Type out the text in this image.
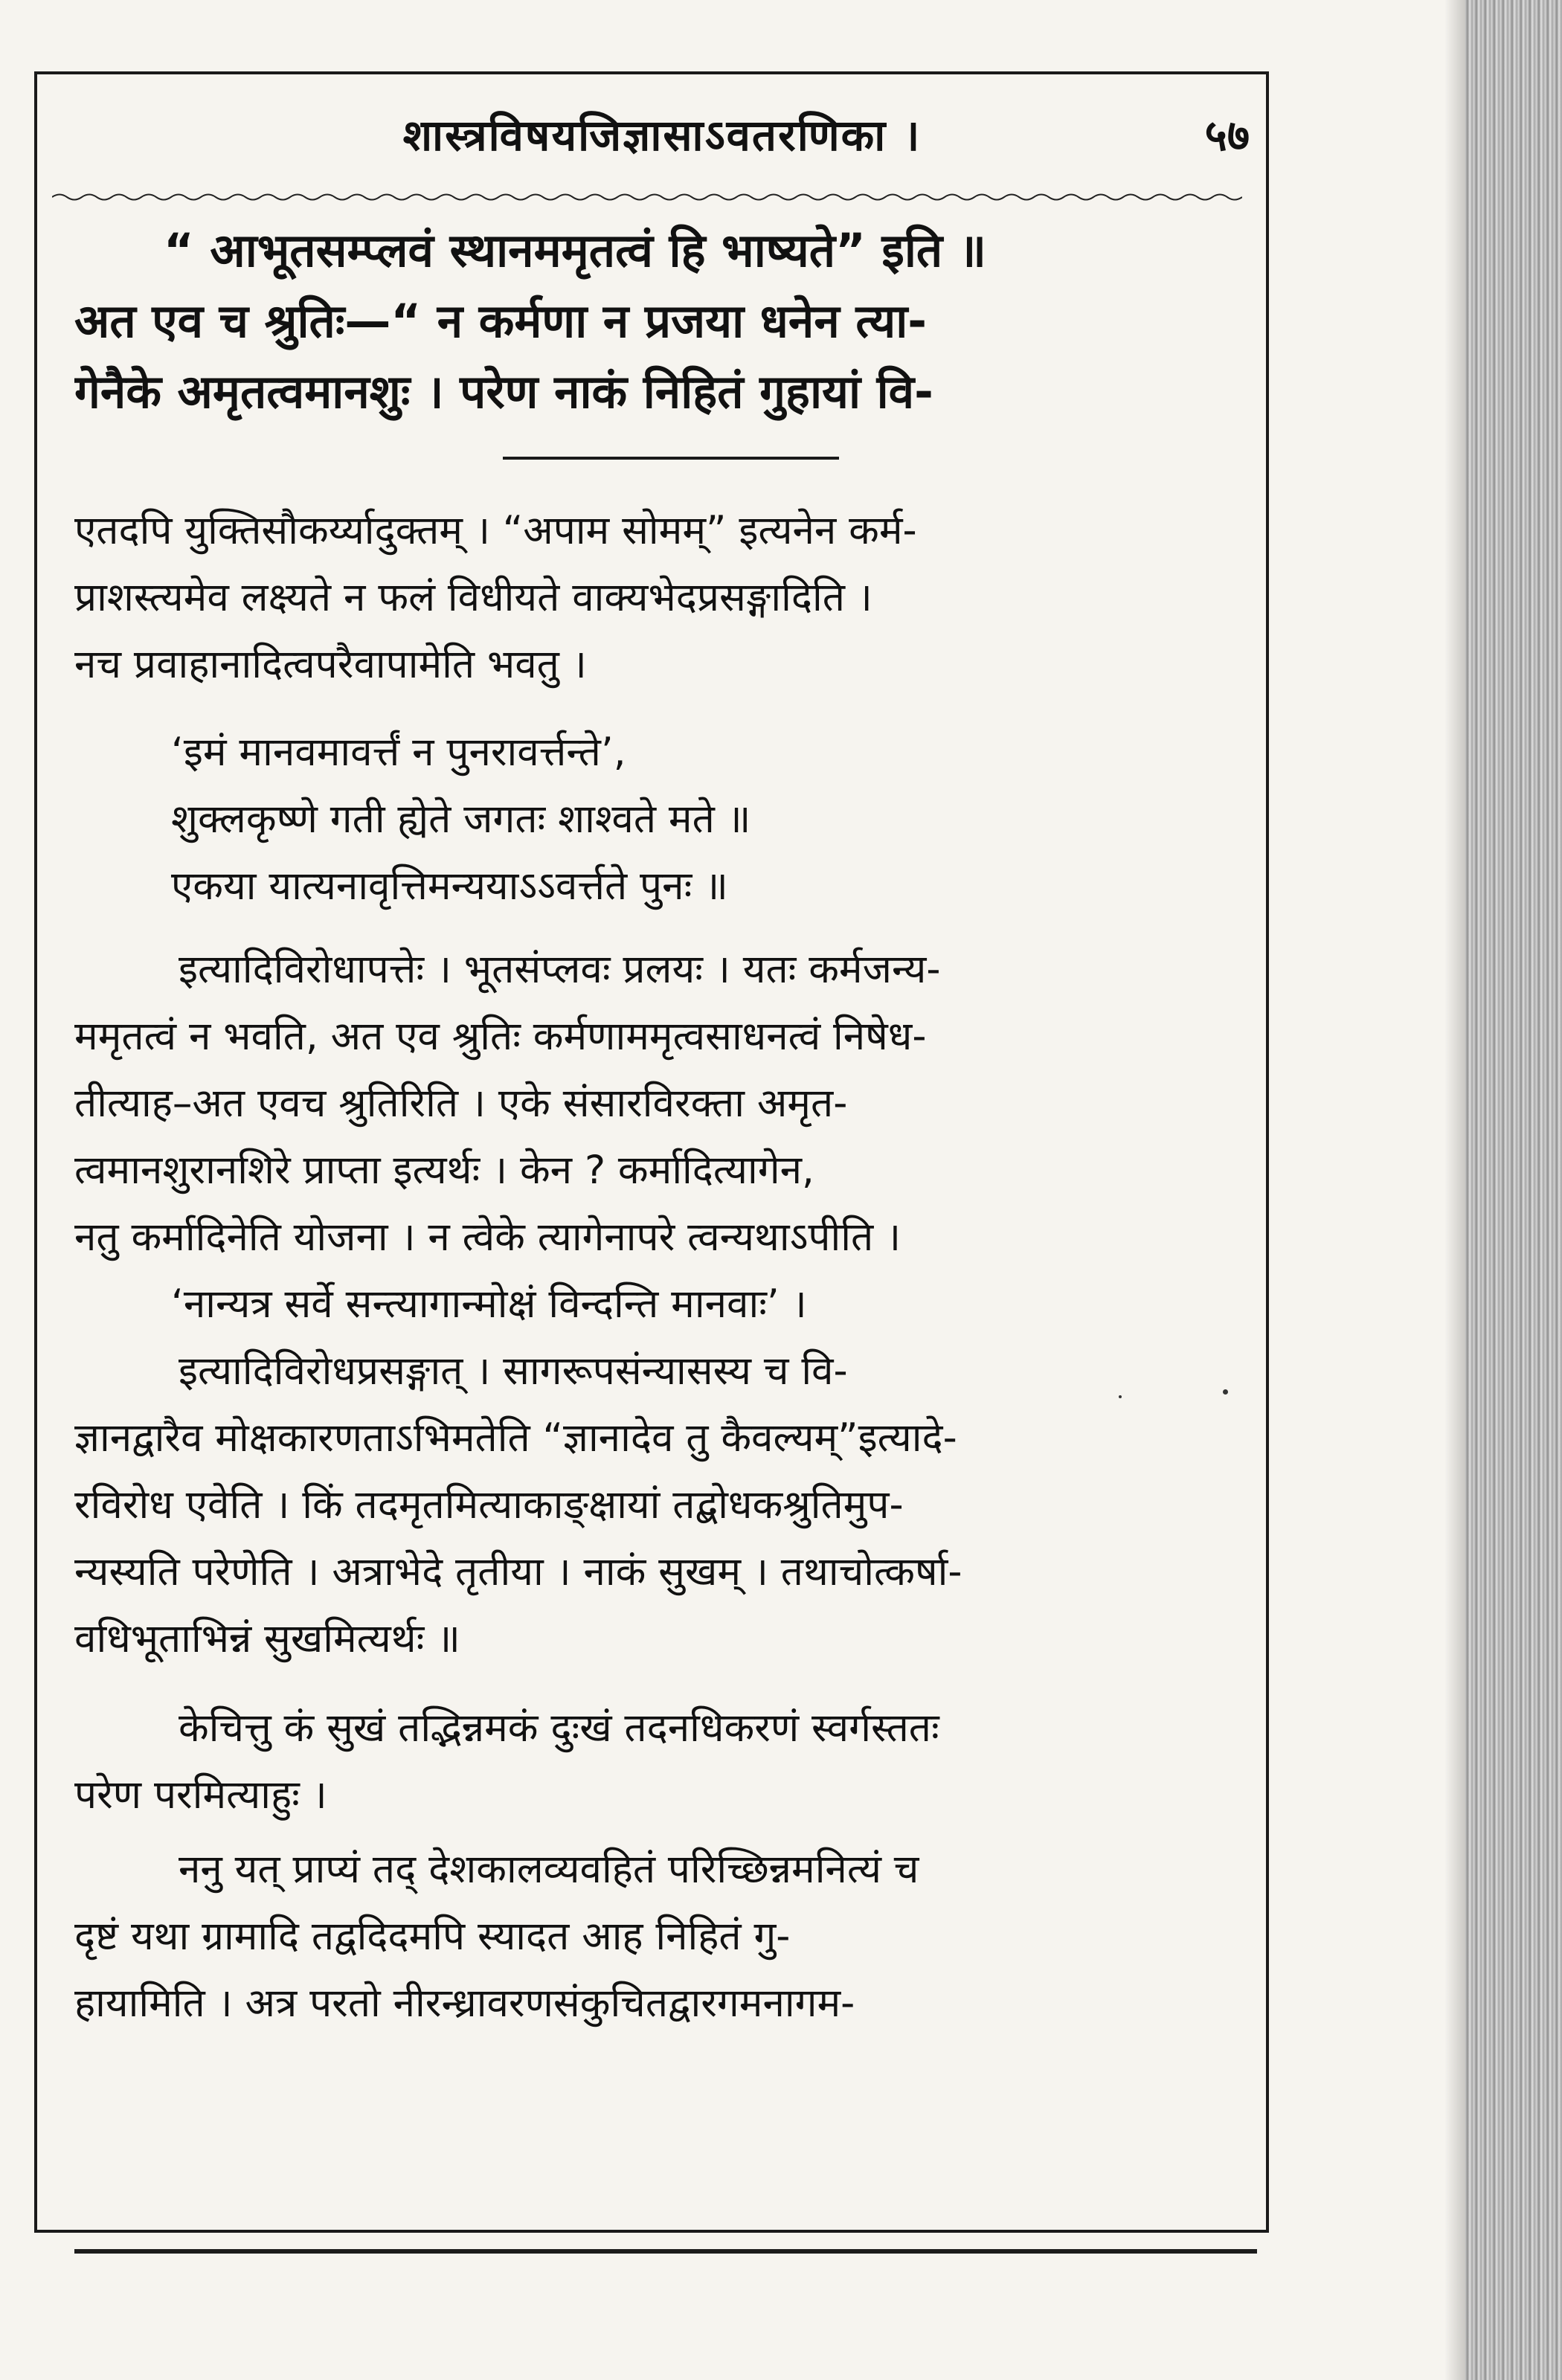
शास्त्रविषयजिज्ञासाऽवतरणिका ।	५७
“ आभूतसम्प्लवं स्थानममृतत्वं हि भाष्यते” इति ॥
अत एव च श्रुतिः—“ न कर्मणा न प्रजया धनेन त्या-
गेनैके अमृतत्वमानशुः । परेण नाकं निहितं गुहायां वि-
एतदपि युक्तिसौकर्य्यादुक्तम् । “अपाम सोमम्” इत्यनेन कर्म-
प्राशस्त्यमेव लक्ष्यते न फलं विधीयते वाक्यभेदप्रसङ्गादिति ।
नच प्रवाहानादित्वपरैवापामेति भवतु ।
‘इमं मानवमावर्त्तं न पुनरावर्त्तन्ते’,
शुक्लकृष्णे गती ह्येते जगतः शाश्वते मते ॥
एकया यात्यनावृत्तिमन्ययाऽऽवर्त्तते पुनः ॥
इत्यादिविरोधापत्तेः । भूतसंप्लवः प्रलयः । यतः कर्मजन्य-
ममृतत्वं न भवति, अत एव श्रुतिः कर्मणाममृत्वसाधनत्वं निषेध-
तीत्याह–अत एवच श्रुतिरिति । एके संसारविरक्ता अमृत-
त्वमानशुरानशिरे प्राप्ता इत्यर्थः । केन ? कर्मादित्यागेन,
नतु कर्मादिनेति योजना । न त्वेके त्यागेनापरे त्वन्यथाऽपीति ।
‘नान्यत्र सर्वे सन्त्यागान्मोक्षं विन्दन्ति मानवाः’ ।
इत्यादिविरोधप्रसङ्गात् । सागरूपसंन्यासस्य च वि-
ज्ञानद्वारैव मोक्षकारणताऽभिमतेति “ज्ञानादेव तु कैवल्यम्”इत्यादे-
रविरोध एवेति । किं तदमृतमित्याकाङ्क्षायां तद्बोधकश्रुतिमुप-
न्यस्यति परेणेति । अत्राभेदे तृतीया । नाकं सुखम् । तथाचोत्कर्षा-
वधिभूताभिन्नं सुखमित्यर्थः ॥
केचित्तु कं सुखं तद्भिन्नमकं दुःखं तदनधिकरणं स्वर्गस्ततः
परेण परमित्याहुः ।
ननु यत् प्राप्यं तद् देशकालव्यवहितं परिच्छिन्नमनित्यं च
दृष्टं यथा ग्रामादि तद्वदिदमपि स्यादत आह निहितं गु-
हायामिति । अत्र परतो नीरन्ध्रावरणसंकुचितद्वारगमनागम-
